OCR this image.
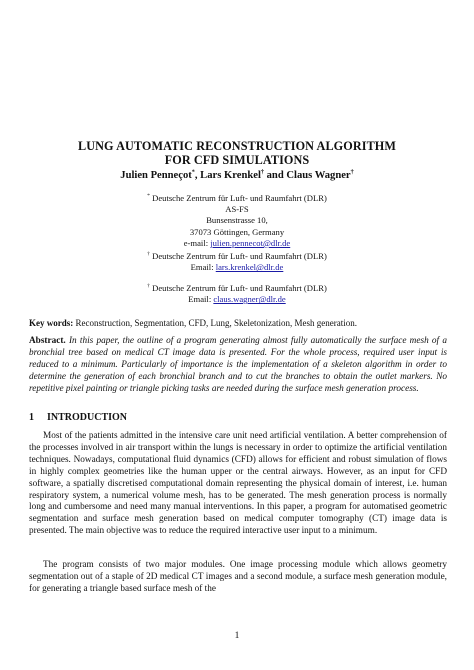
LUNG AUTOMATIC RECONSTRUCTION ALGORITHM
FOR CFD SIMULATIONS
Julien Penneçot*, Lars Krenkel† and Claus Wagner†
* Deutsche Zentrum für Luft- und Raumfahrt (DLR)
AS-FS
Bunsenstrasse 10,
37073 Göttingen, Germany
e-mail: julien.pennecot@dlr.de
† Deutsche Zentrum für Luft- und Raumfahrt (DLR)
Email: lars.krenkel@dlr.de
† Deutsche Zentrum für Luft- und Raumfahrt (DLR)
Email: claus.wagner@dlr.de
Key words: Reconstruction, Segmentation, CFD, Lung, Skeletonization, Mesh generation.
Abstract. In this paper, the outline of a program generating almost fully automatically the surface mesh of a bronchial tree based on medical CT image data is presented. For the whole process, required user input is reduced to a minimum. Particularly of importance is the implementation of a skeleton algorithm in order to determine the generation of each bronchial branch and to cut the branches to obtain the outlet markers. No repetitive pixel painting or triangle picking tasks are needed during the surface mesh generation process.
1 INTRODUCTION
Most of the patients admitted in the intensive care unit need artificial ventilation. A better comprehension of the processes involved in air transport within the lungs is necessary in order to optimize the artificial ventilation techniques. Nowadays, computational fluid dynamics (CFD) allows for efficient and robust simulation of flows in highly complex geometries like the human upper or the central airways. However, as an input for CFD software, a spatially discretised computational domain representing the physical domain of interest, i.e. human respiratory system, a numerical volume mesh, has to be generated. The mesh generation process is normally long and cumbersome and need many manual interventions. In this paper, a program for automatised geometric segmentation and surface mesh generation based on medical computer tomography (CT) image data is presented. The main objective was to reduce the required interactive user input to a minimum.
The program consists of two major modules. One image processing module which allows geometry segmentation out of a staple of 2D medical CT images and a second module, a surface mesh generation module, for generating a triangle based surface mesh of the
1
